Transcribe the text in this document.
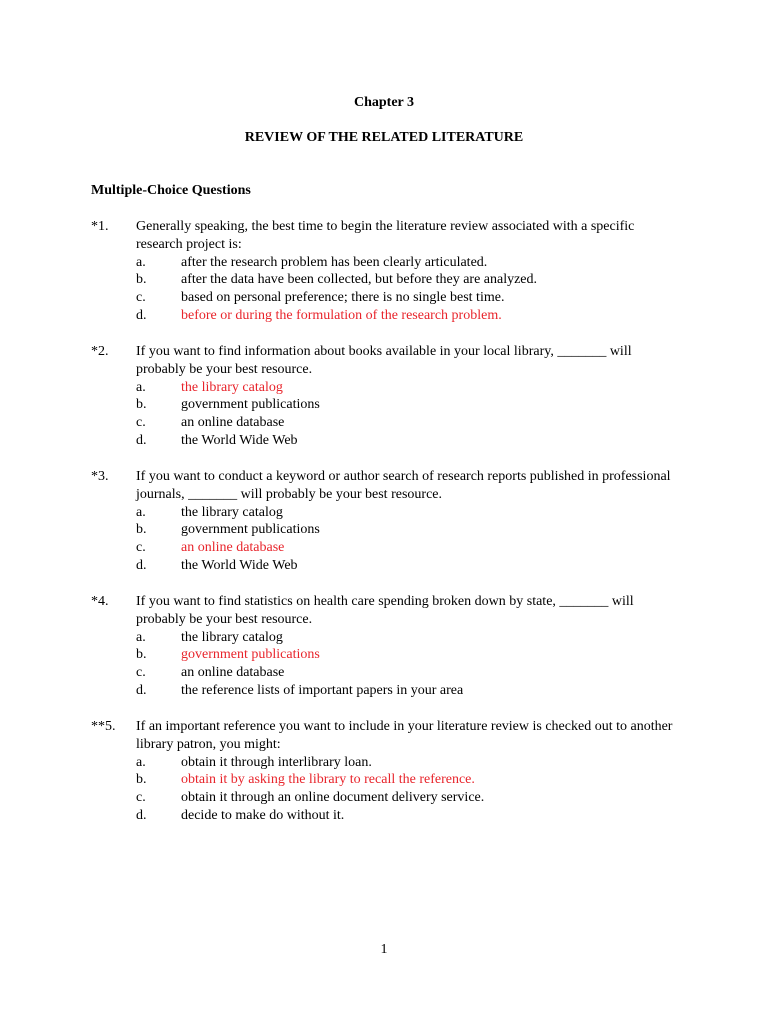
Chapter 3
REVIEW OF THE RELATED LITERATURE
Multiple-Choice Questions
*1. Generally speaking, the best time to begin the literature review associated with a specific research project is:
a.	after the research problem has been clearly articulated.
b. after the data have been collected, but before they are analyzed.
c.	based on personal preference; there is no single best time.
d. before or during the formulation of the research problem.
*2. If you want to find information about books available in your local library, _______ will probably be your best resource.
a.	the library catalog
b. government publications
c.	an online database
d. the World Wide Web
*3. If you want to conduct a keyword or author search of research reports published in professional journals, _______ will probably be your best resource.
a.	the library catalog
b. government publications
c.	an online database
d. the World Wide Web
*4. If you want to find statistics on health care spending broken down by state, _______ will probably be your best resource.
a.	the library catalog
b. government publications
c.	an online database
d. the reference lists of important papers in your area
**5. If an important reference you want to include in your literature review is checked out to another library patron, you might:
a.	obtain it through interlibrary loan.
b. obtain it by asking the library to recall the reference.
c.	obtain it through an online document delivery service.
d. decide to make do without it.
1
